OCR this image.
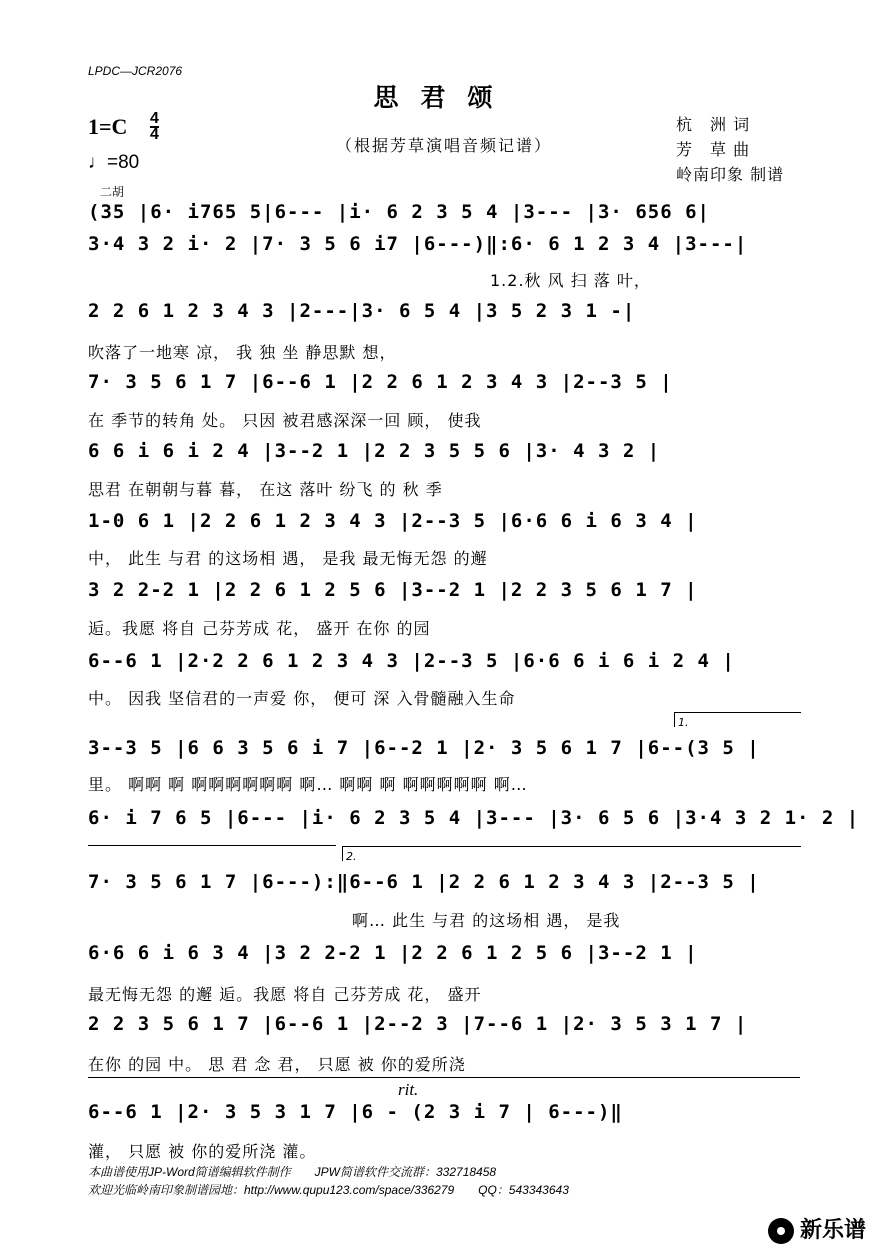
LPDC—JCR2076
思君颂
（根据芳草演唱音频记谱）
1=C 4
4
♩=80
杭　洲 词
芳　草 曲
岭南印象 制谱
二胡
(35 |6· i765 5|6--- |i· 6 2 3 5 4 |3--- |3· 656 6|
3·4 3 2 i· 2 |7· 3 5 6 i7 |6---)‖:6· 6 1 2 3 4 |3---|
1.2.秋 风 扫 落 叶，
2 2 6 1 2 3 4 3 |2---|3· 6 5 4 |3 5 2 3 1 -|
吹落了一地寒 凉， 我 独 坐 静思默 想，
7· 3 5 6 1 7 |6--6 1 |2 2 6 1 2 3 4 3 |2--3 5 |
在 季节的转角 处。 只因 被君感深深一回 顾， 使我
6 6 i 6 i 2 4 |3--2 1 |2 2 3 5 5 6 |3· 4 3 2 |
思君 在朝朝与暮 暮， 在这 落叶 纷飞 的 秋 季
1-0 6 1 |2 2 6 1 2 3 4 3 |2--3 5 |6·6 6 i 6 3 4 |
中， 此生 与君 的这场相 遇， 是我 最无悔无怨 的邂
3 2 2-2 1 |2 2 6 1 2 5 6 |3--2 1 |2 2 3 5 6 1 7 |
逅。我愿 将自 己芬芳成 花， 盛开 在你 的园
6--6 1 |2·2 2 6 1 2 3 4 3 |2--3 5 |6·6 6 i 6 i 2 4 |
中。 因我 坚信君的一声爱 你， 便可 深 入骨髓融入生命
1.
3--3 5 |6 6 3 5 6 i 7 |6--2 1 |2· 3 5 6 1 7 |6--(3 5 |
里。 啊啊 啊 啊啊啊啊啊啊 啊… 啊啊 啊 啊啊啊啊啊 啊…
6· i 7 6 5 |6--- |i· 6 2 3 5 4 |3--- |3· 6 5 6 |3·4 3 2 1· 2 |
2.
7· 3 5 6 1 7 |6---):‖6--6 1 |2 2 6 1 2 3 4 3 |2--3 5 |
啊… 此生 与君 的这场相 遇， 是我
6·6 6 i 6 3 4 |3 2 2-2 1 |2 2 6 1 2 5 6 |3--2 1 |
最无悔无怨 的邂 逅。我愿 将自 己芬芳成 花， 盛开
2 2 3 5 6 1 7 |6--6 1 |2--2 3 |7--6 1 |2· 3 5 3 1 7 |
在你 的园 中。 思 君 念 君， 只愿 被 你的爱所浇
rit.
6--6 1 |2· 3 5 3 1 7 |6 - (2 3 i 7 | 6---)‖
灌， 只愿 被 你的爱所浇 灌。
本曲谱使用JP-Word简谱编辑软件制作　　JPW简谱软件交流群：332718458
欢迎光临岭南印象制谱园地：http://www.qupu123.com/space/336279　　QQ：543343643
新乐谱
